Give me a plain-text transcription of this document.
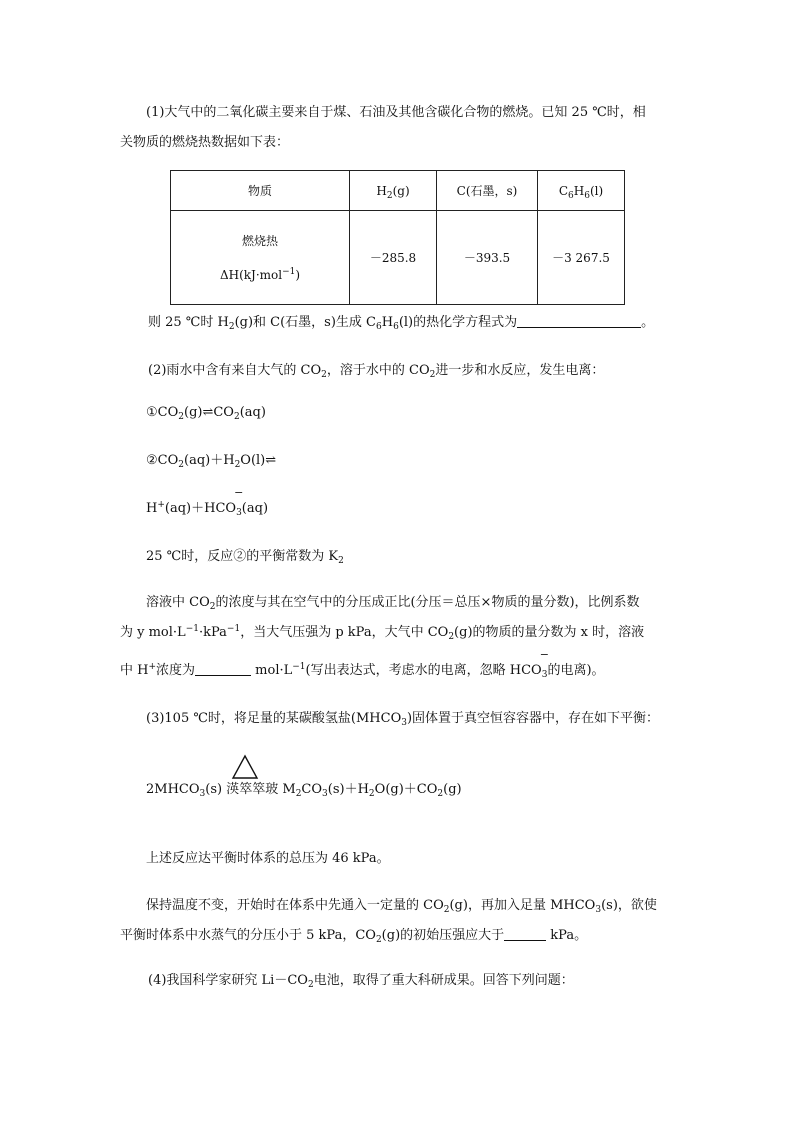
(1)大气中的二氧化碳主要来自于煤、石油及其他含碳化合物的燃烧。已知 25 ℃时，相
关物质的燃烧热数据如下表：
物质	$H_2(g)$	C(石墨，s)	$C_6H_6(l)$

燃烧热
ΔH(kJ·mol$^{-1}$)	－285.8	－393.5	－3 267.5
则 25 ℃时 $H_2(g)$和 C(石墨，s)生成 $C_6H_6(l)$的热化学方程式为	。
(2)雨水中含有来自大气的 $CO_2$，溶于水中的 $CO_2$进一步和水反应，发生电离：
$①CO_2(g)\rightleftharpoons CO_2(aq)$
$②CO_2(aq)+H_2O(l)\rightleftharpoons$
H+(aq)＋HCO
−
$_3$(aq)
25 ℃时，反应②的平衡常数为 $K_2$
溶液中 $CO_2$的浓度与其在空气中的分压成正比(分压＝总压×物质的量分数)，比例系数
为 y $mol\cdot L^{-1}\cdot kPa^{-1}$，当大气压强为 p kPa，大气中 $CO_2(g)$的物质的量分数为 x 时，溶液
中 H+浓度为	$mol\cdot L^{-1}$(写出表达式，考虑水的电离，忽略 HCO
−
$_3$的电离)。
(3)105 ℃时，将足量的某碳酸氢盐$(MHCO_3)$固体置于真空恒容容器中，存在如下平衡：
$2MHCO_3(s)$ 渶箤箤玻 $M_2CO_3(s)+H_2O(g)+CO_2(g)$
上述反应达平衡时体系的总压为 46 kPa。
保持温度不变，开始时在体系中先通入一定量的 $CO_2(g)$，再加入足量 $MHCO_3(s)$，欲使
平衡时体系中水蒸气的分压小于 5 kPa，$CO_2(g)$的初始压强应大于	kPa。
(4)我国科学家研究 $Li-CO_2$电池，取得了重大科研成果。回答下列问题：
